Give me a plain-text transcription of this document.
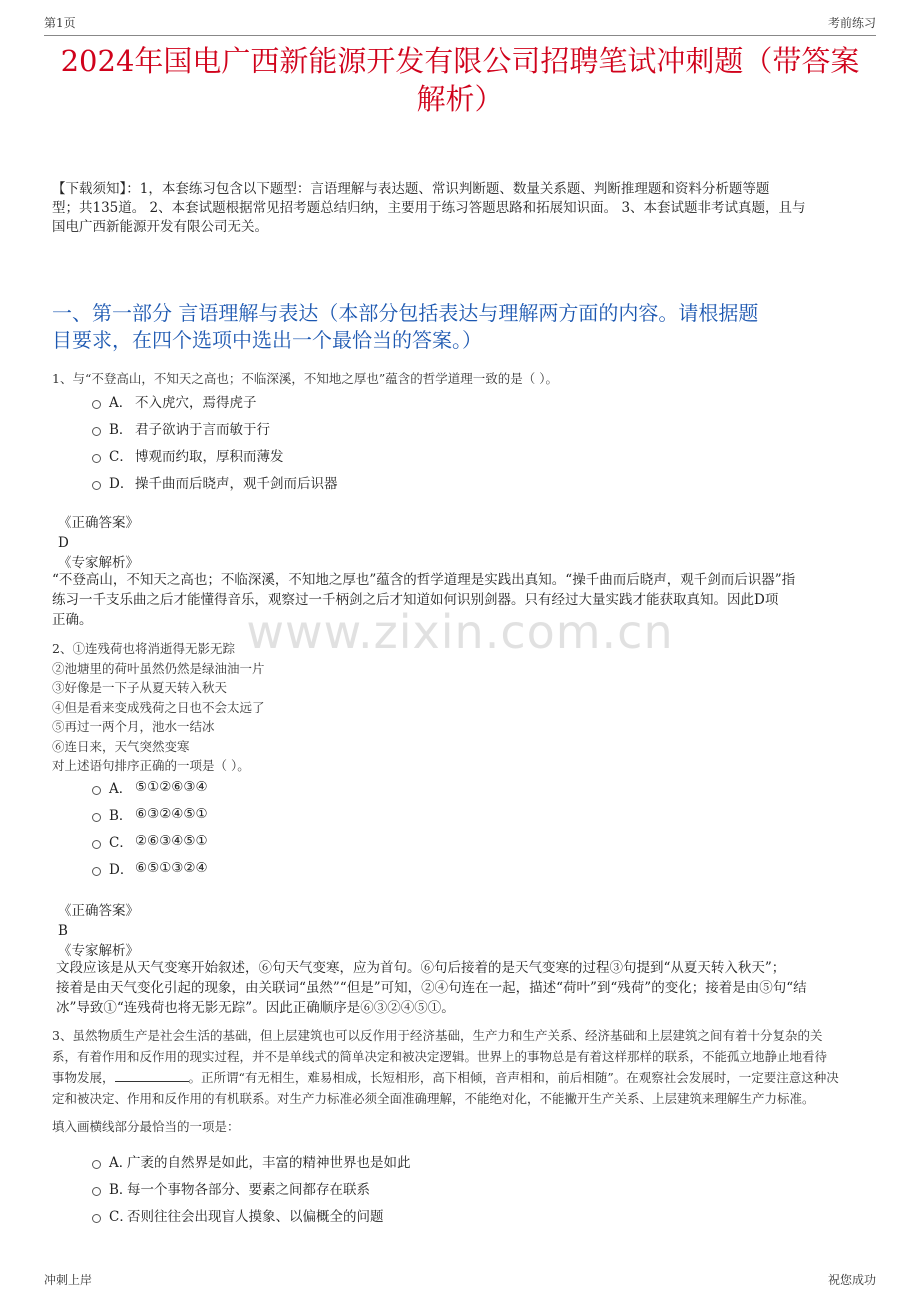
第1页	考前练习
2024年国电广西新能源开发有限公司招聘笔试冲刺题（带答案
解析）
【下载须知】：1，本套练习包含以下题型：言语理解与表达题、常识判断题、数量关系题、判断推理题和资料分析题等题
型；共135道。 2、本套试题根据常见招考题总结归纳，主要用于练习答题思路和拓展知识面。 3、本套试题非考试真题，且与
国电广西新能源开发有限公司无关。
一、第一部分 言语理解与表达（本部分包括表达与理解两方面的内容。请根据题
目要求，在四个选项中选出一个最恰当的答案。）
1、与“不登高山，不知天之高也；不临深溪，不知地之厚也”蕴含的哲学道理一致的是（ ）。
A． 不入虎穴，焉得虎子
B． 君子欲讷于言而敏于行
C． 博观而约取，厚积而薄发
D． 操千曲而后晓声，观千剑而后识器
《正确答案》
D
《专家解析》
“不登高山，不知天之高也；不临深溪，不知地之厚也”蕴含的哲学道理是实践出真知。“操千曲而后晓声，观千剑而后识器”指
练习一千支乐曲之后才能懂得音乐，观察过一千柄剑之后才知道如何识别剑器。只有经过大量实践才能获取真知。因此D项
正确。	www.zixin.com.cn
2、①连残荷也将消逝得无影无踪
②池塘里的荷叶虽然仍然是绿油油一片
③好像是一下子从夏天转入秋天
④但是看来变成残荷之日也不会太远了
⑤再过一两个月，池水一结冰
⑥连日来，天气突然变寒
对上述语句排序正确的一项是（ ）。
A． ⑤①②⑥③④
B． ⑥③②④⑤①
C． ②⑥③④⑤①
D． ⑥⑤①③②④
《正确答案》
B
《专家解析》
文段应该是从天气变寒开始叙述，⑥句天气变寒，应为首句。⑥句后接着的是天气变寒的过程③句提到“从夏天转入秋天”；
接着是由天气变化引起的现象，由关联词“虽然”“但是”可知，②④句连在一起，描述“荷叶”到“残荷”的变化；接着是由⑤句“结
冰”导致①“连残荷也将无影无踪”。因此正确顺序是⑥③②④⑤①。
3、虽然物质生产是社会生活的基础，但上层建筑也可以反作用于经济基础，生产力和生产关系、经济基础和上层建筑之间有着十分复杂的关
系，有着作用和反作用的现实过程，并不是单线式的简单决定和被决定逻辑。世界上的事物总是有着这样那样的联系，不能孤立地静止地看待
事物发展，	。正所谓“有无相生，难易相成，长短相形，高下相倾，音声相和，前后相随”。在观察社会发展时，一定要注意这种决
定和被决定、作用和反作用的有机联系。对生产力标准必须全面准确理解，不能绝对化，不能撇开生产关系、上层建筑来理解生产力标准。
填入画横线部分最恰当的一项是：
A．
广袤的自然界是如此，丰富的精神世界也是如此
B．
每一个事物各部分、要素之间都存在联系
C．
否则往往会出现盲人摸象、以偏概全的问题
冲刺上岸	祝您成功
